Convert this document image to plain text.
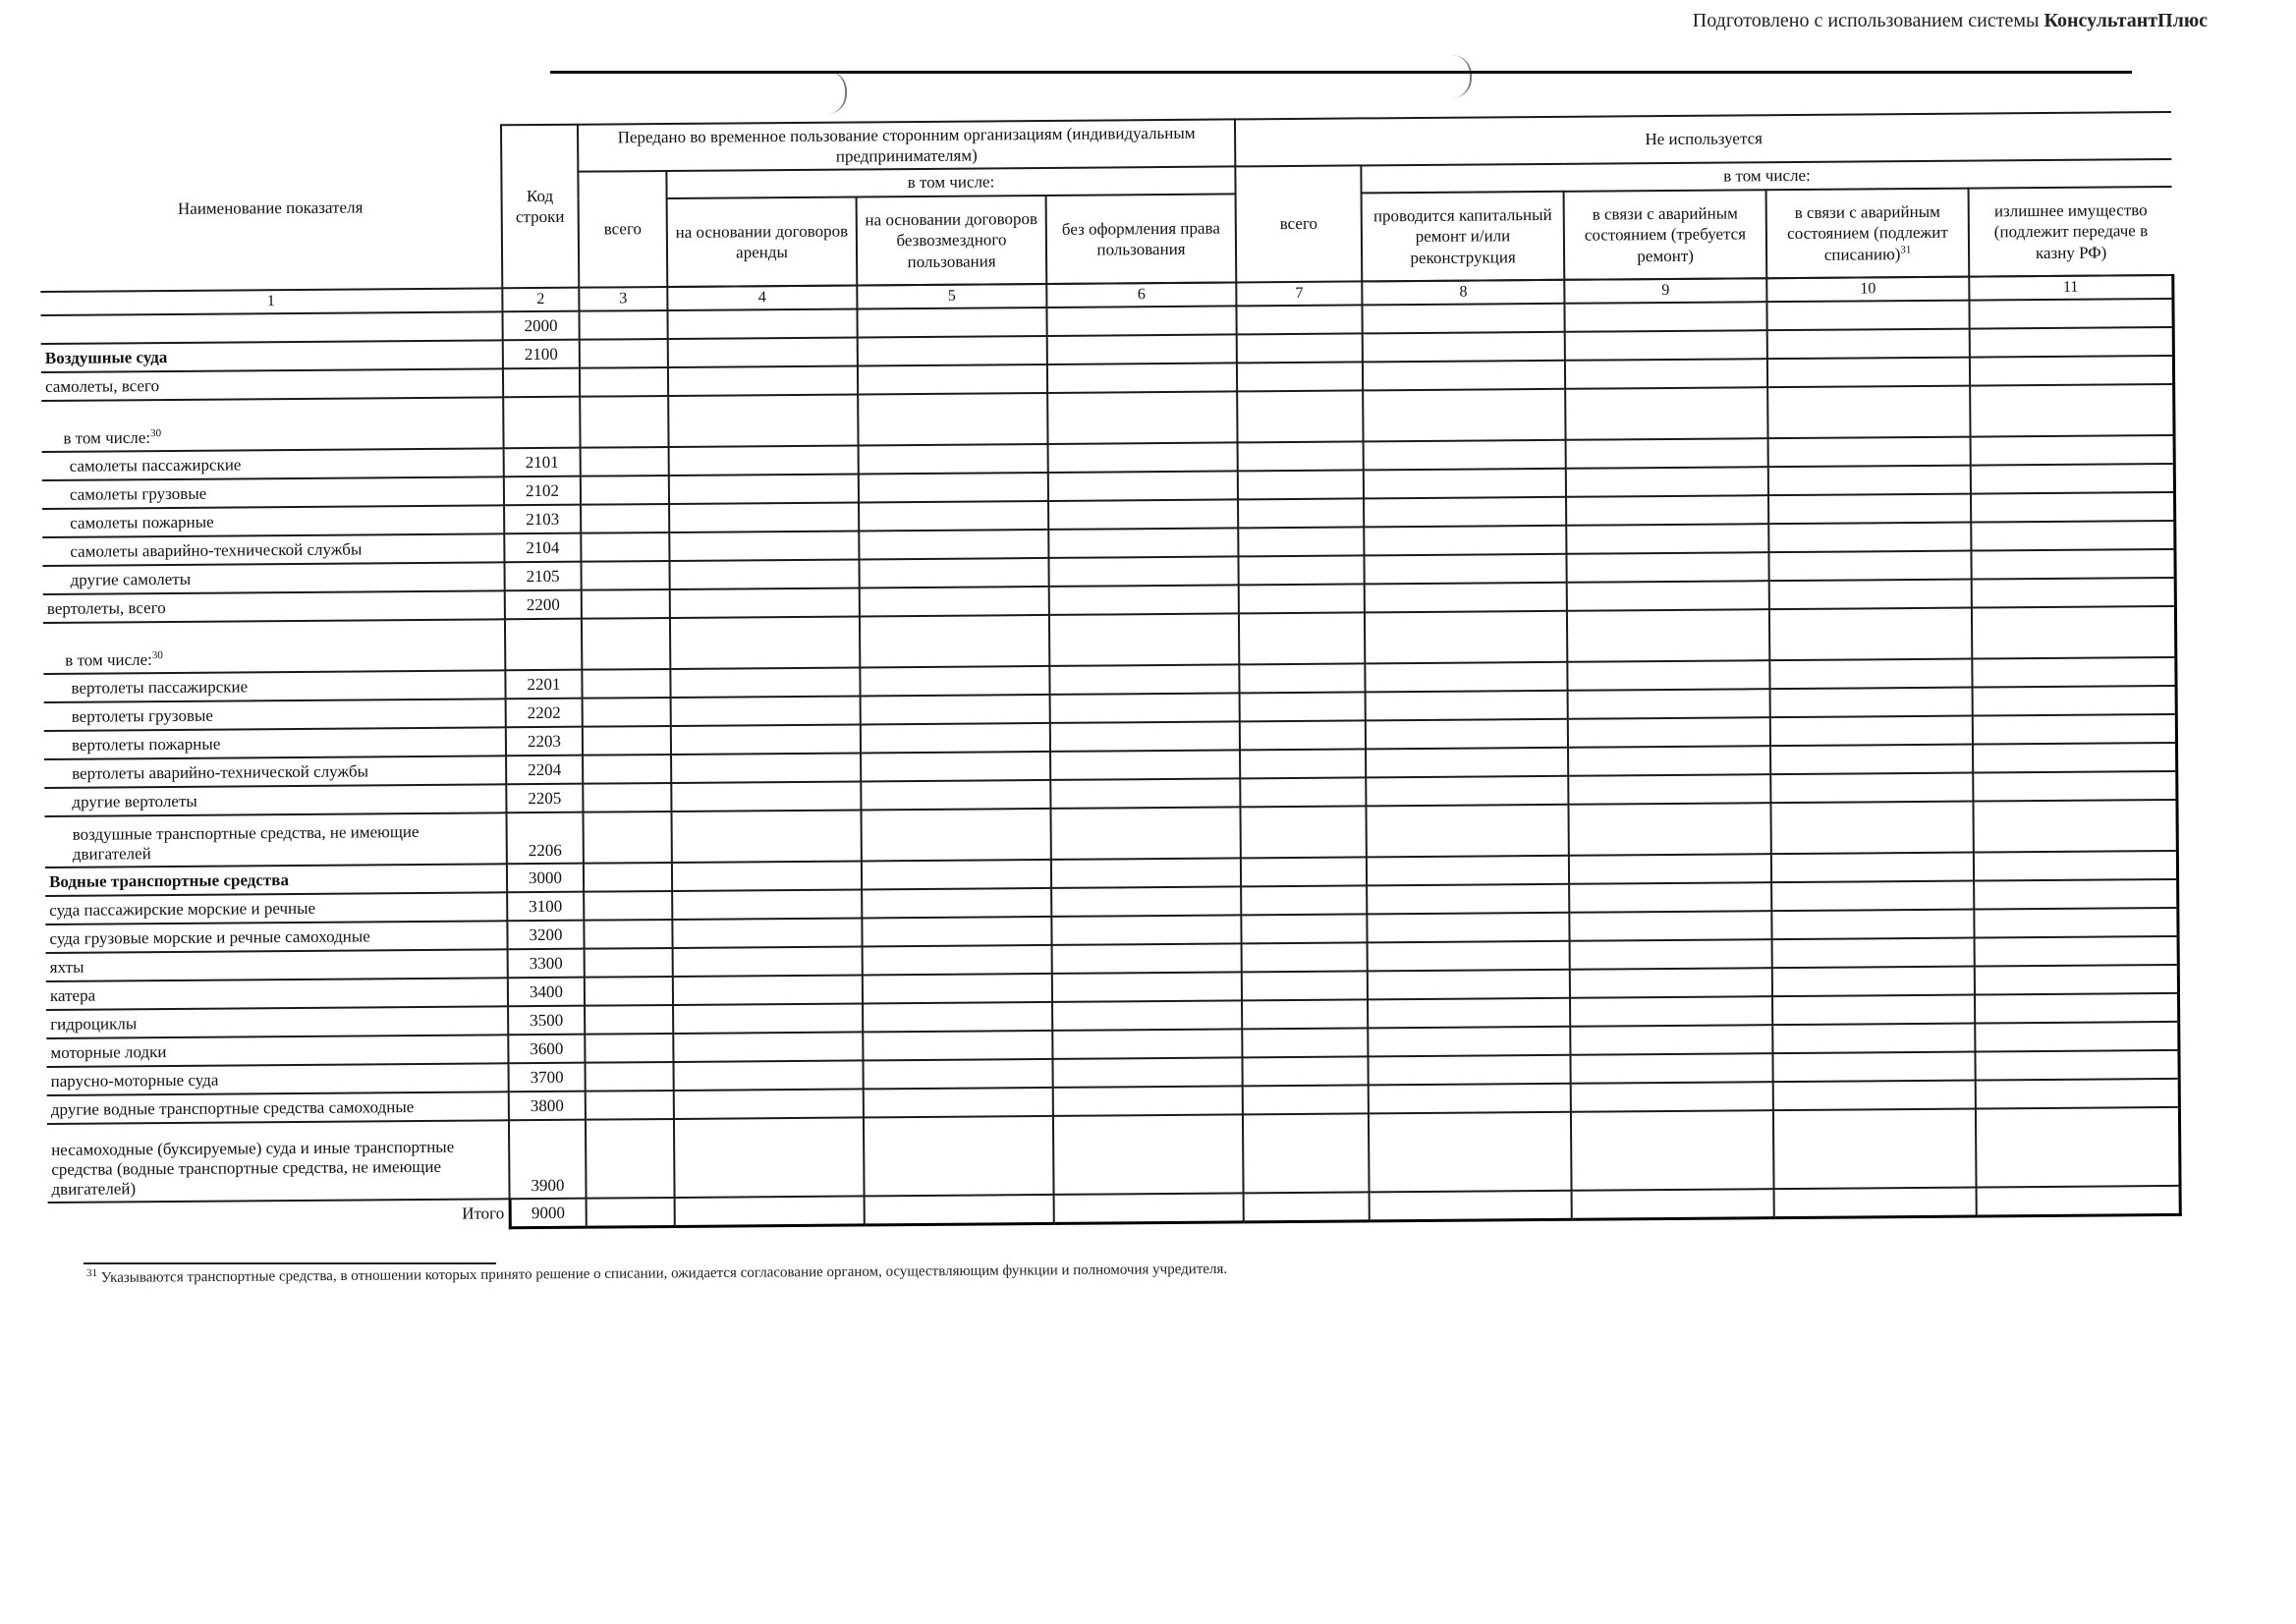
Подготовлено с использованием системы КонсультантПлюс
Наименование показателя	Код строки	Передано во временное пользование сторонним организациям (индивидуальным предпринимателям)				Не используется				
		всего	в том числе:			всего	в том числе:			
			на основании договоров аренды	на основании договоров безвозмездного пользования	без оформления права пользования		проводится капитальный ремонт и/или реконструкция	в связи с аварийным состоянием (требуется ремонт)	в связи с аварийным состоянием (подлежит списанию)$^{31}$	излишнее имущество (подлежит передаче в казну РФ)

1	2	3	4	5	6	7	8	9	10	11
	2000									
Воздушные суда	2100									
самолеты, всего										
в том числе:$^{30}$										
самолеты пассажирские	2101									
самолеты грузовые	2102									
самолеты пожарные	2103									
самолеты аварийно-технической службы	2104									
другие самолеты	2105									
вертолеты, всего	2200									
в том числе:$^{30}$										
вертолеты пассажирские	2201									
вертолеты грузовые	2202									
вертолеты пожарные	2203									
вертолеты аварийно-технической службы	2204									
другие вертолеты	2205									
воздушные транспортные средства, не имеющие двигателей	2206									
Водные транспортные средства	3000									
суда пассажирские морские и речные	3100									
суда грузовые морские и речные самоходные	3200									
яхты	3300									
катера	3400									
гидроциклы	3500									
моторные лодки	3600									
парусно-моторные суда	3700									
другие водные транспортные средства самоходные	3800									
несамоходные (буксируемые) суда и иные транспортные средства (водные транспортные средства, не имеющие двигателей)	3900									
Итого	9000									
$^{31}$ Указываются транспортные средства, в отношении которых принято решение о списании, ожидается согласование органом, осуществляющим функции и полномочия учредителя.
